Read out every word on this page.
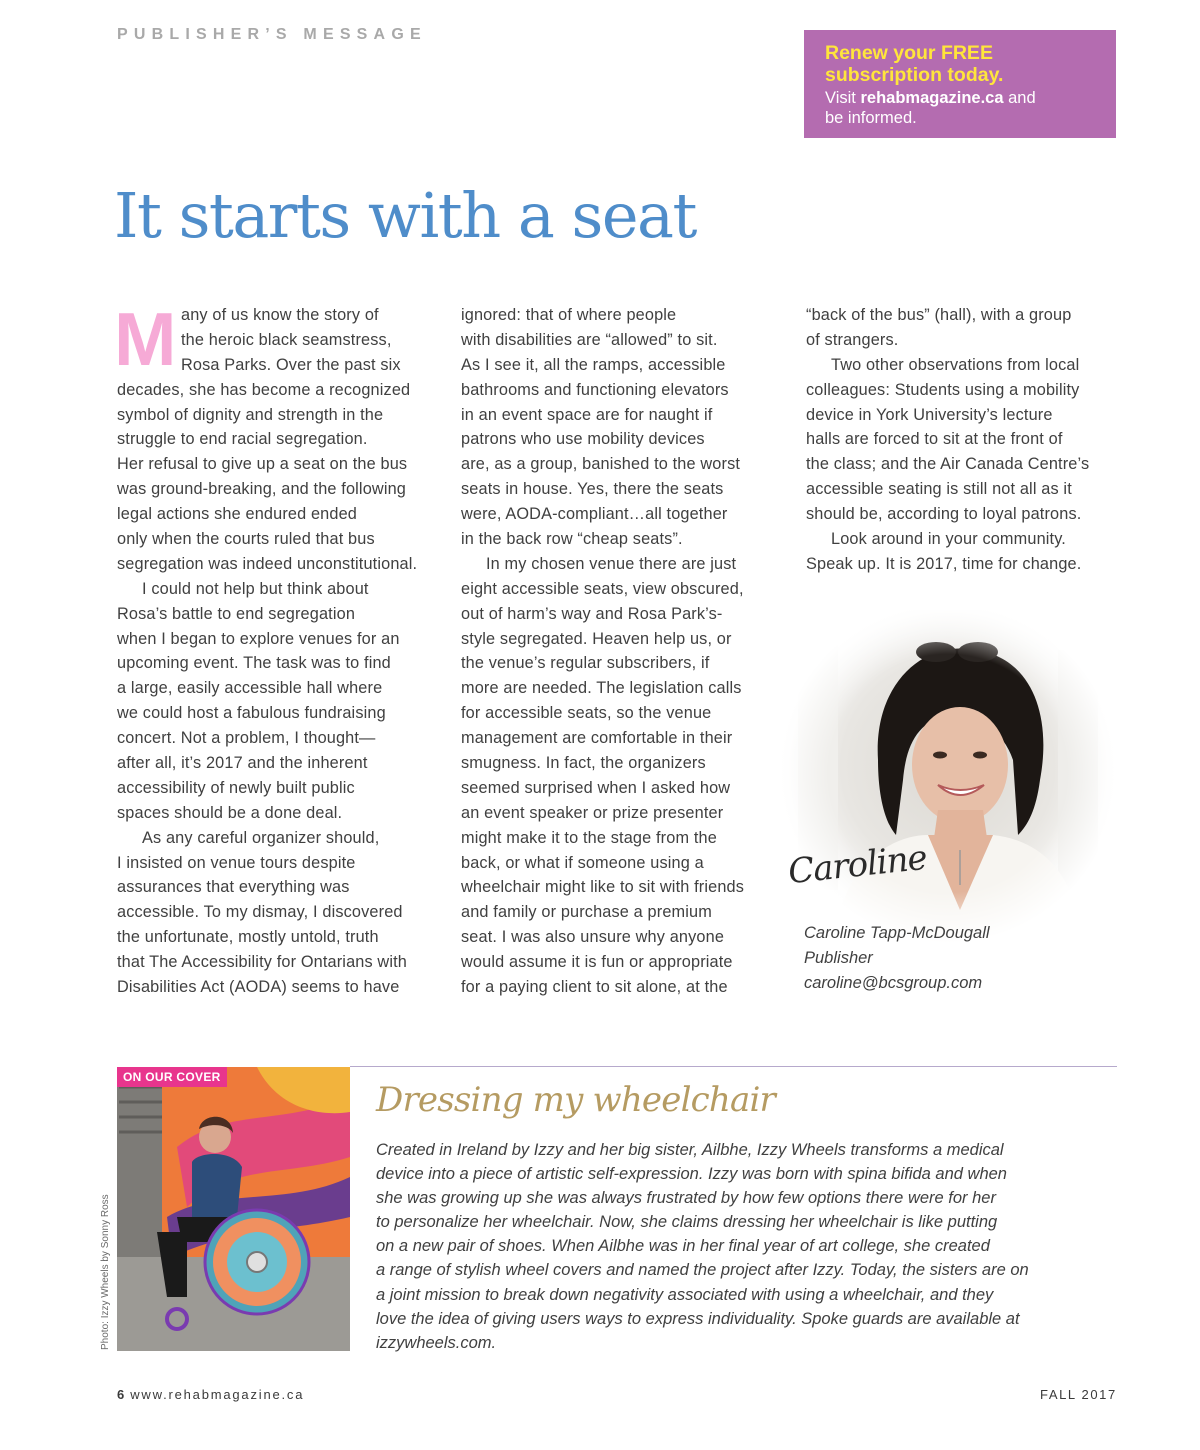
PUBLISHER’S MESSAGE
Renew your FREE
subscription today.
Visit rehabmagazine.ca and
be informed.
It starts with a seat
M any of us know the story of
the heroic black seamstress,
Rosa Parks. Over the past six
decades, she has become a recognized
symbol of dignity and strength in the
struggle to end racial segregation.
Her refusal to give up a seat on the bus
was ground-breaking, and the following
legal actions she endured ended
only when the courts ruled that bus
segregation was indeed unconstitutional.
I could not help but think about
Rosa’s battle to end segregation
when I began to explore venues for an
upcoming event. The task was to find
a large, easily accessible hall where
we could host a fabulous fundraising
concert. Not a problem, I thought—
after all, it’s 2017 and the inherent
accessibility of newly built public
spaces should be a done deal.
As any careful organizer should,
I insisted on venue tours despite
assurances that everything was
accessible. To my dismay, I discovered
the unfortunate, mostly untold, truth
that The Accessibility for Ontarians with
Disabilities Act (AODA) seems to have
ignored: that of where people
with disabilities are “allowed” to sit.
As I see it, all the ramps, accessible
bathrooms and functioning elevators
in an event space are for naught if
patrons who use mobility devices
are, as a group, banished to the worst
seats in house. Yes, there the seats
were, AODA-compliant…all together
in the back row “cheap seats”.
In my chosen venue there are just
eight accessible seats, view obscured,
out of harm’s way and Rosa Park’s-
style segregated. Heaven help us, or
the venue’s regular subscribers, if
more are needed. The legislation calls
for accessible seats, so the venue
management are comfortable in their
smugness. In fact, the organizers
seemed surprised when I asked how
an event speaker or prize presenter
might make it to the stage from the
back, or what if someone using a
wheelchair might like to sit with friends
and family or purchase a premium
seat. I was also unsure why anyone
would assume it is fun or appropriate
for a paying client to sit alone, at the
“back of the bus” (hall), with a group
of strangers.
Two other observations from local
colleagues: Students using a mobility
device in York University’s lecture
halls are forced to sit at the front of
the class; and the Air Canada Centre’s
accessible seating is still not all as it
should be, according to loyal patrons.
Look around in your community.
Speak up. It is 2017, time for change.
Caroline
Caroline Tapp-McDougall
Publisher
caroline@bcsgroup.com
ON OUR COVER
Photo: Izzy Wheels by Sonny Ross
Dressing my wheelchair
Created in Ireland by Izzy and her big sister, Ailbhe, Izzy Wheels transforms a medical
device into a piece of artistic self-expression. Izzy was born with spina bifida and when
she was growing up she was always frustrated by how few options there were for her
to personalize her wheelchair. Now, she claims dressing her wheelchair is like putting
on a new pair of shoes. When Ailbhe was in her final year of art college, she created
a range of stylish wheel covers and named the project after Izzy. Today, the sisters are on
a joint mission to break down negativity associated with using a wheelchair, and they
love the idea of giving users ways to express individuality. Spoke guards are available at
izzywheels.com.
6 www.rehabmagazine.ca	FALL 2017
